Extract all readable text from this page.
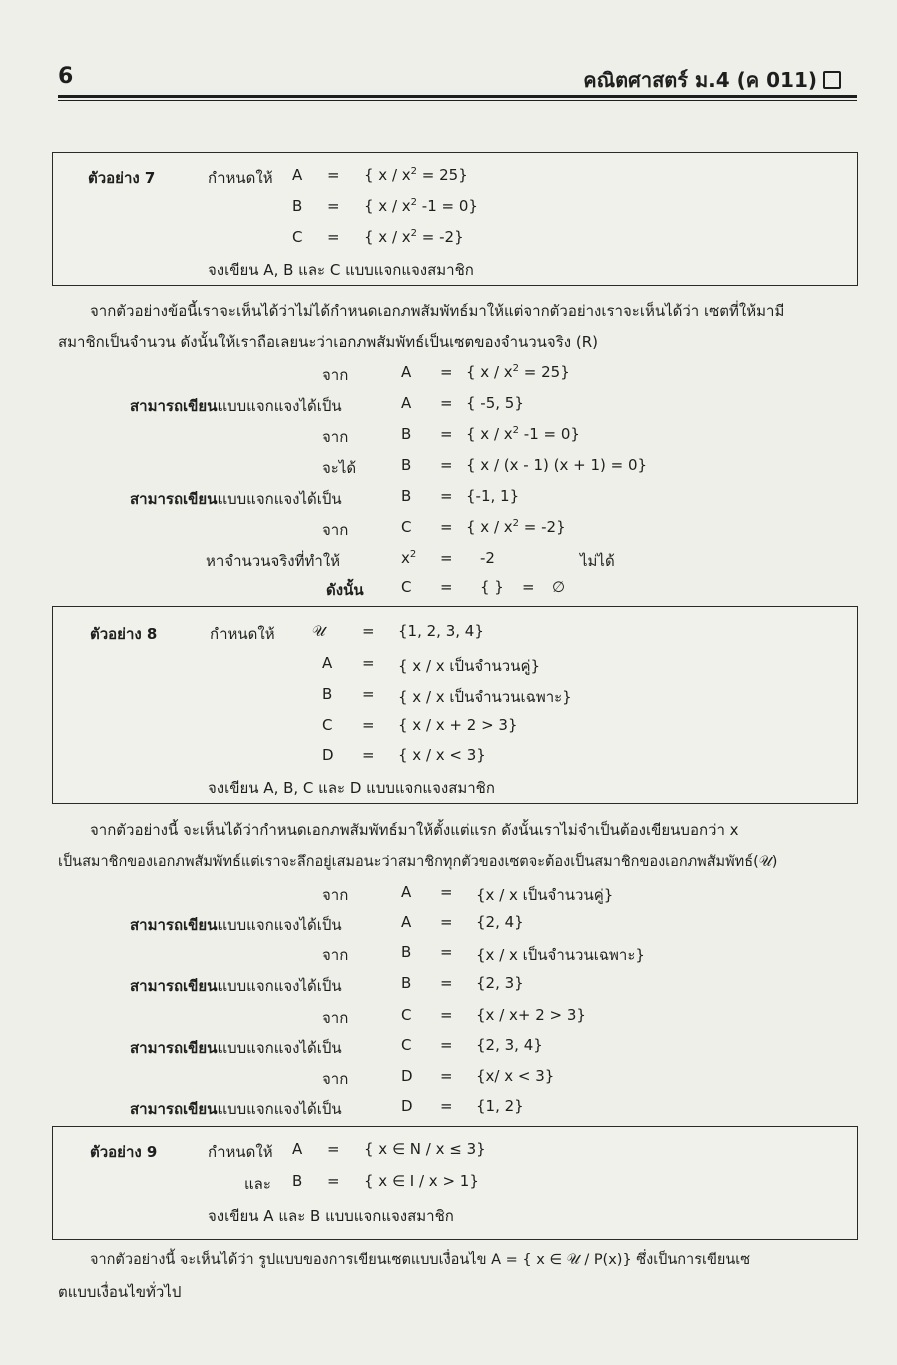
6	คณิตศาสตร์ ม.4 (ค 011)
ตัวอย่าง 7	กำหนดให้ A = { $x / x^2 = 25$}
B = { x / $x^2$ -1 = 0}
C = { $x / x^2 = -2$}
จงเขียน A, B และ C แบบแจกแจงสมาชิก
จากตัวอย่างข้อนี้เราจะเห็นได้ว่าไม่ได้กำหนดเอกภพสัมพัทธ์มาให้แต่จากตัวอย่างเราจะเห็นได้ว่า เซตที่ให้มามี
สมาชิกเป็นจำนวน ดังนั้นให้เราถือเลยนะว่าเอกภพสัมพัทธ์เป็นเซตของจำนวนจริง (R)
จาก	A = { $x / x^2 = 25$}
สามารถเขียนแบบแจกแจงได้เป็น	A = { -5, 5}
จาก	B = { x / $x^2$ -1 = 0}
จะได้	B = { x / (x - 1) (x + 1) = 0}
สามารถเขียนแบบแจกแจงได้เป็น	B = {-1, 1}
จาก	C = { $x / x^2 = -2$}
หาจำนวนจริงที่ทำให้	$x^2 = -2$	ไม่ได้
ดังนั้น C = { } = ∅
ตัวอย่าง 8	กำหนดให้ 𝒰 = {1, 2, 3, 4}
A = { x / x เป็นจำนวนคู่}
B = { x / x เป็นจำนวนเฉพาะ}
C = { x / x + 2 > 3}
D = { x / x < 3}
จงเขียน A, B, C และ D แบบแจกแจงสมาชิก
จากตัวอย่างนี้ จะเห็นได้ว่ากำหนดเอกภพสัมพัทธ์มาให้ตั้งแต่แรก ดังนั้นเราไม่จำเป็นต้องเขียนบอกว่า x
เป็นสมาชิกของเอกภพสัมพัทธ์แต่เราจะลึกอยู่เสมอนะว่าสมาชิกทุกตัวของเซตจะต้องเป็นสมาชิกของเอกภพสัมพัทธ์(𝒰)
จาก	A = {x / x เป็นจำนวนคู่}
สามารถเขียนแบบแจกแจงได้เป็น	A = {2, 4}
จาก	B = {x / x เป็นจำนวนเฉพาะ}
สามารถเขียนแบบแจกแจงได้เป็น	B = {2, 3}
จาก	C = {x / x+ 2 > 3}
สามารถเขียนแบบแจกแจงได้เป็น	C = {2, 3, 4}
จาก	D = {x/ x < 3}
สามารถเขียนแบบแจกแจงได้เป็น	D = {1, 2}
ตัวอย่าง 9	กำหนดให้ A = { x ∈ N / x ≤ 3}
และ B = { x ∈ I / x > 1}
จงเขียน A และ B แบบแจกแจงสมาชิก
จากตัวอย่างนี้ จะเห็นได้ว่า รูปแบบของการเขียนเซตแบบเงื่อนไข A = { x ∈ 𝒰 / P(x)} ซึ่งเป็นการเขียนเซ
ตแบบเงื่อนไขทั่วไป
